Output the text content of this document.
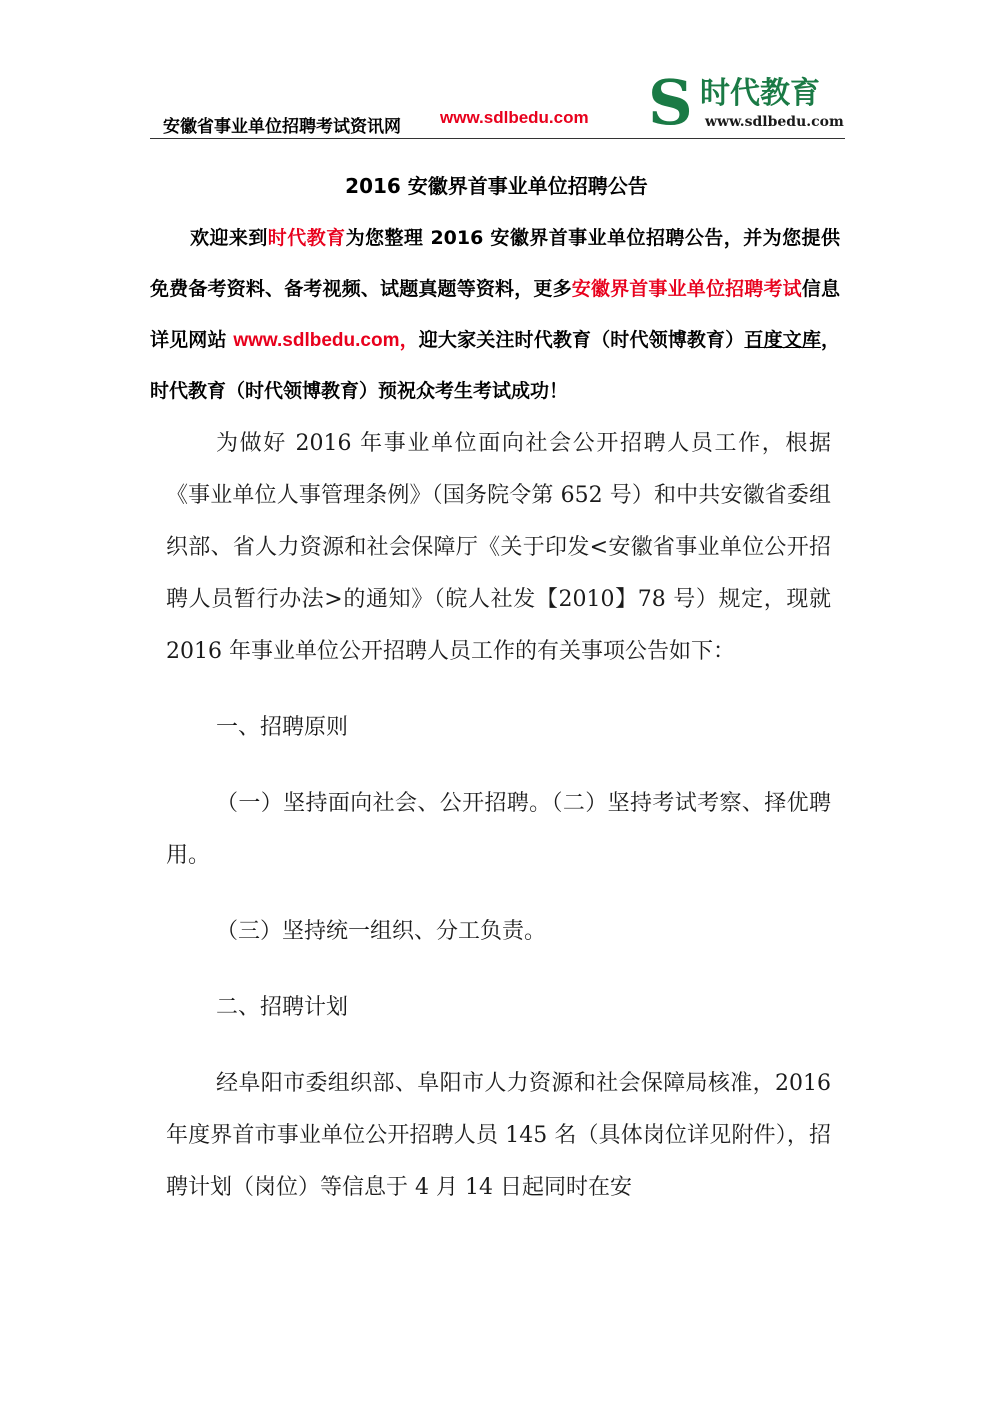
安徽省事业单位招聘考试资讯网 www.sdlbedu.com S 时代教育
www.sdlbedu.com
2016 安徽界首事业单位招聘公告

欢迎来到时代教育为您整理 2016 安徽界首事业单位招聘公告，并为您提供免费备考资料、备考视频、试题真题等资料，更多安徽界首事业单位招聘考试信息详见网站 www.sdlbedu.com，迎大家关注时代教育（时代领博教育）百度文库，时代教育（时代领博教育）预祝众考生考试成功！

为做好 2016 年事业单位面向社会公开招聘人员工作，根据《事业单位人事管理条例》（国务院令第 652 号）和中共安徽省委组织部、省人力资源和社会保障厅《关于印发<安徽省事业单位公开招聘人员暂行办法>的通知》（皖人社发【2010】78 号）规定，现就 2016 年事业单位公开招聘人员工作的有关事项公告如下：

一、招聘原则

（一）坚持面向社会、公开招聘。（二）坚持考试考察、择优聘用。

（三）坚持统一组织、分工负责。

二、招聘计划

经阜阳市委组织部、阜阳市人力资源和社会保障局核准，2016 年度界首市事业单位公开招聘人员 145 名（具体岗位详见附件），招聘计划（岗位）等信息于 4 月 14 日起同时在安
